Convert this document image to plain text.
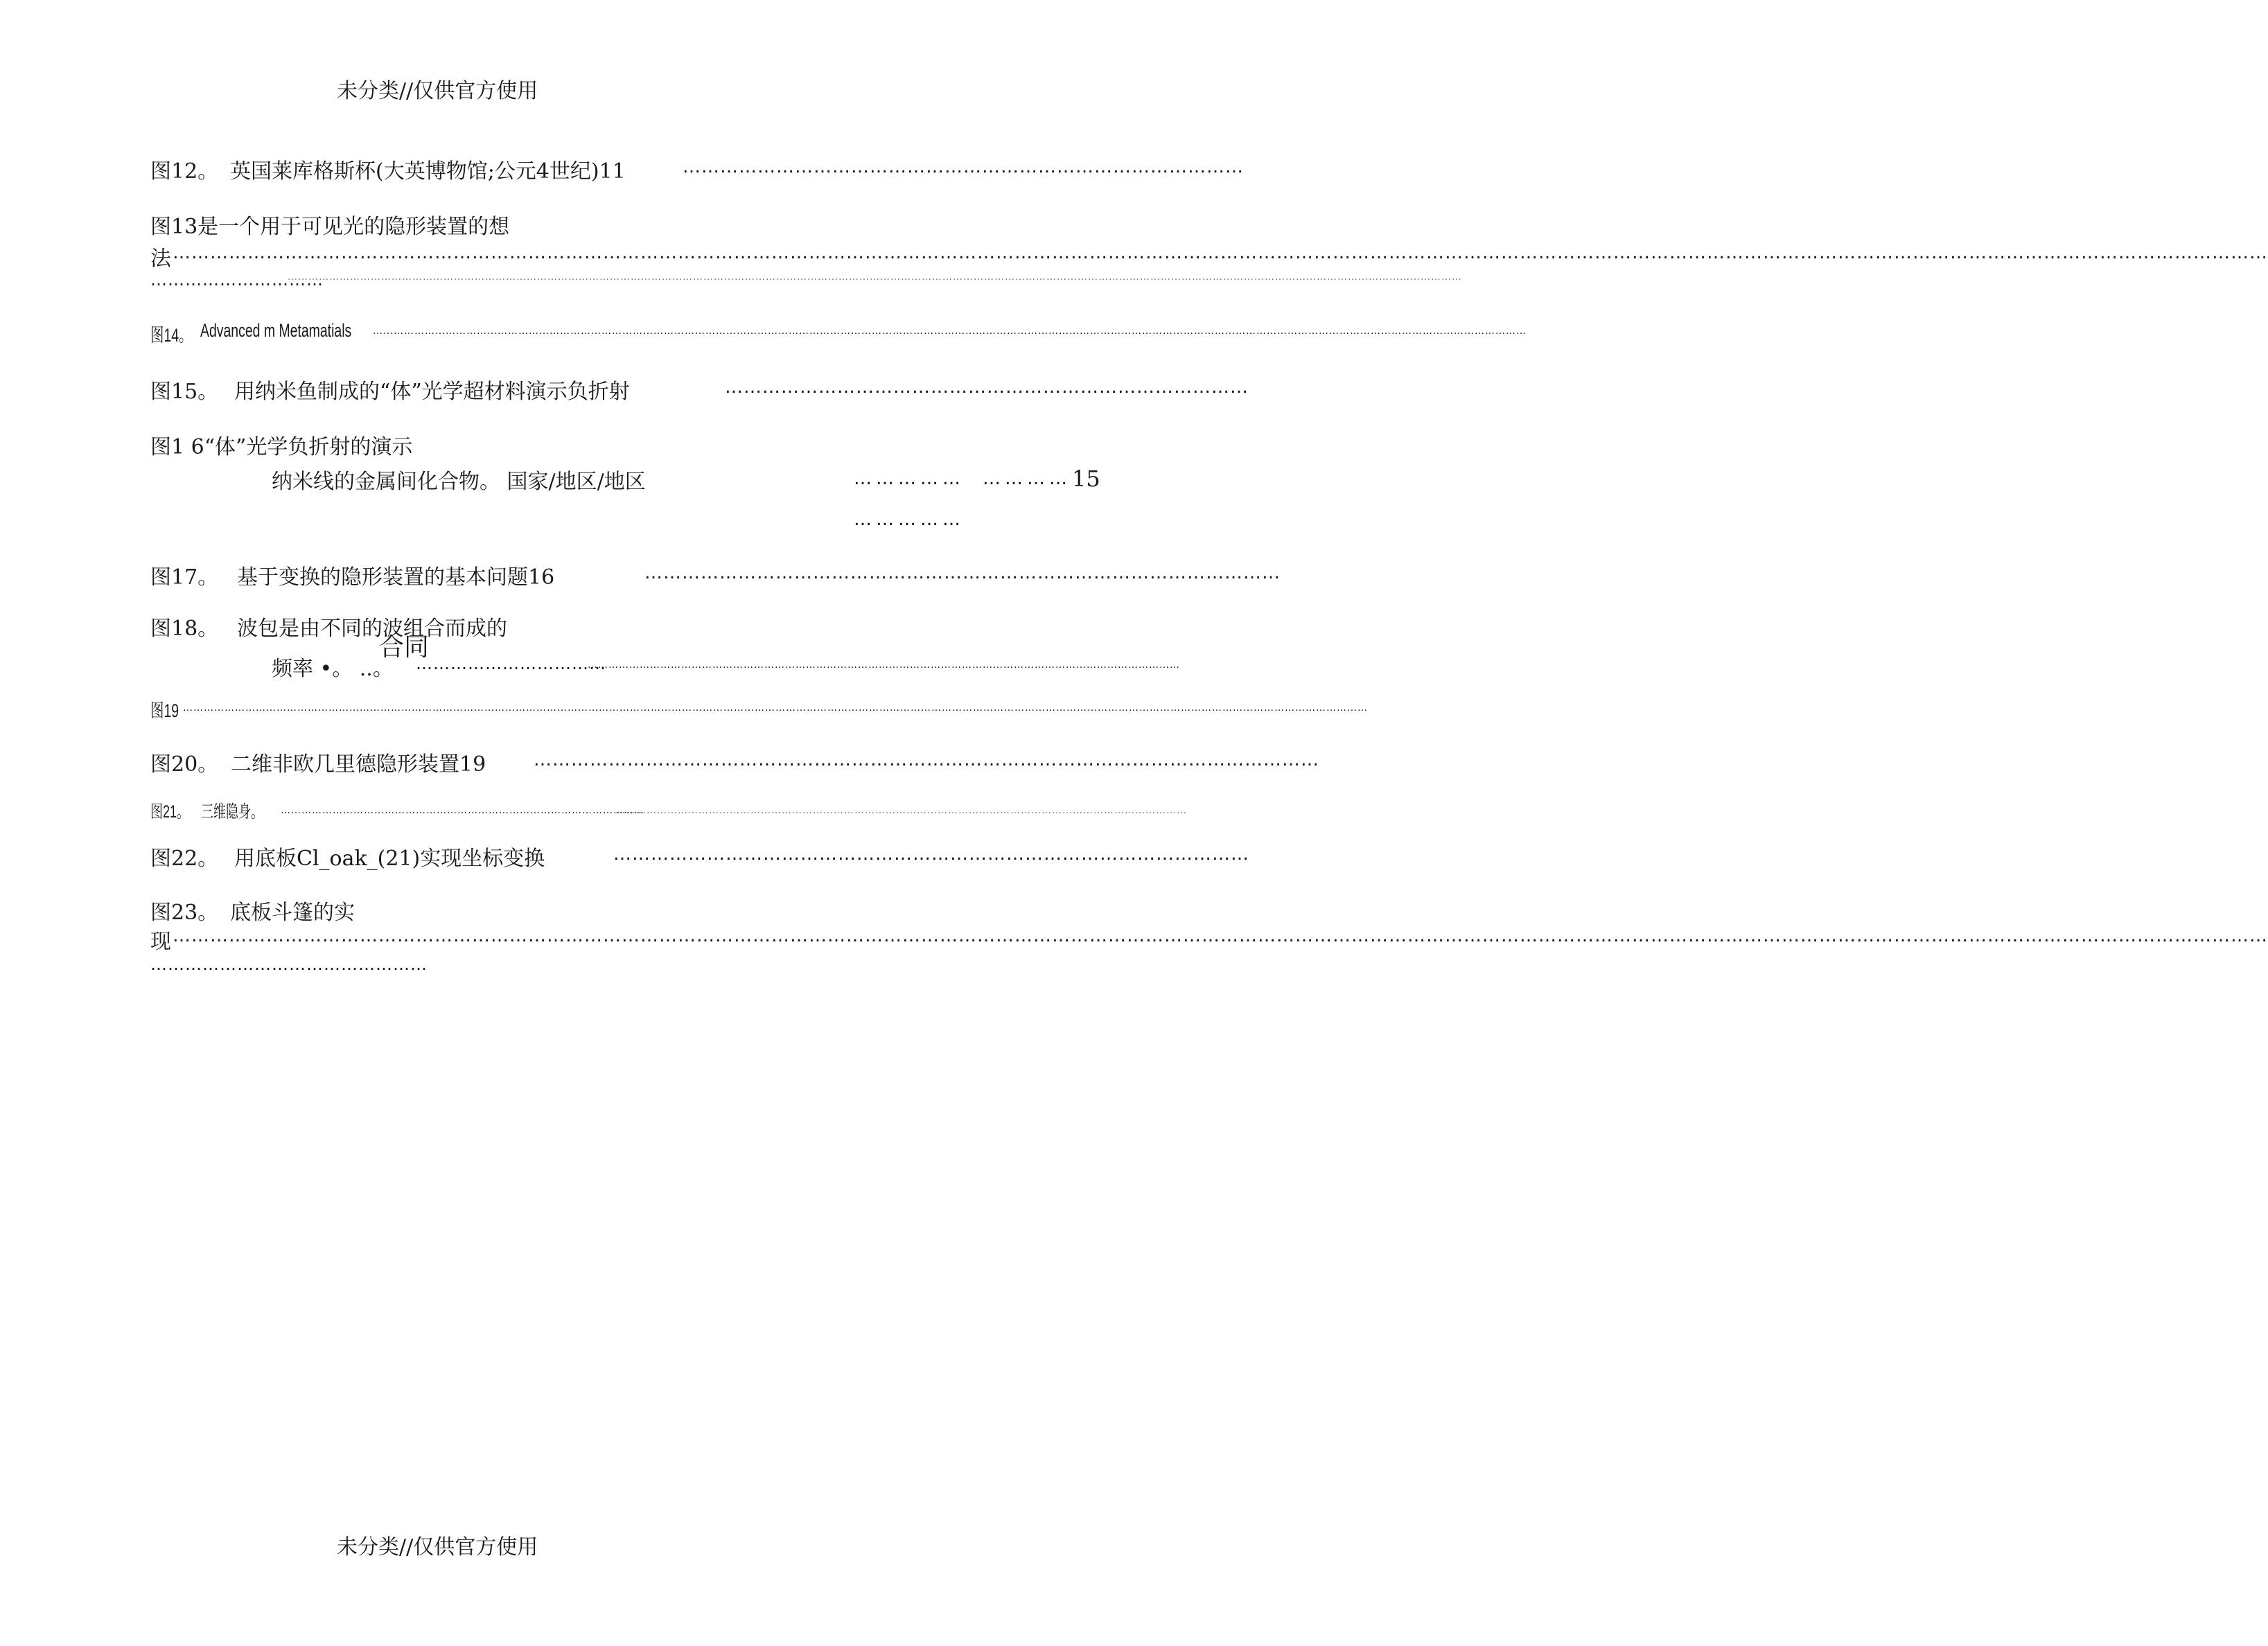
未分类//仅供官方使用
图12。 英国莱库格斯杯(大英博物馆;公元4世纪)11	………………………………………………………………………………
图13是一个用于可见光的隐形装置的想
法 …………………………………………………………………………………………………………………………………………………………………………………………………………………………………………………………………………………………………………
…………………………
……………………………………………………………………………………………………………………………………………………………………………………………………………………………………………………………………………………………………………
图14。 Advanced m Metamatials ………………………………………………………………………………………………………………………………………………………………………………………………………………………………………………………………………………………………………
图15。 用纳米鱼制成的“体”光学超材料演示负折射	…………………………………………………………………………
图1 6“体”光学负折射的演示
纳米线的金属间化合物。 国家/地区/地区	…………… ………… 15
……………
图17。 基于变换的隐形装置的基本问题16	…………………………………………………………………………………………
图18。 波包是由不同的波组合而成的
合同
频率 •。 ..。 ……………………………
………………………………………………………………………………………………………………………………………………………
图19 ………………………………………………………………………………………………………………………………………………………………………………………………………………………………………………………………………………………………………………
图20。 二维非欧几里德隐形装置19	………………………………………………………………………………………………………………
图21。 三维隐身。 ……………………………………………………………………………………………
…………………………………………………………………………………………………………………………………………………
图22。 用底板Cl_oak_(21)实现坐标变换	…………………………………………………………………………………………
图23。 底板斗篷的实
现 …………………………………………………………………………………………………………………………………………………………………………………………………………………………………………………………………………………………………………
…………………………………………
未分类//仅供官方使用
